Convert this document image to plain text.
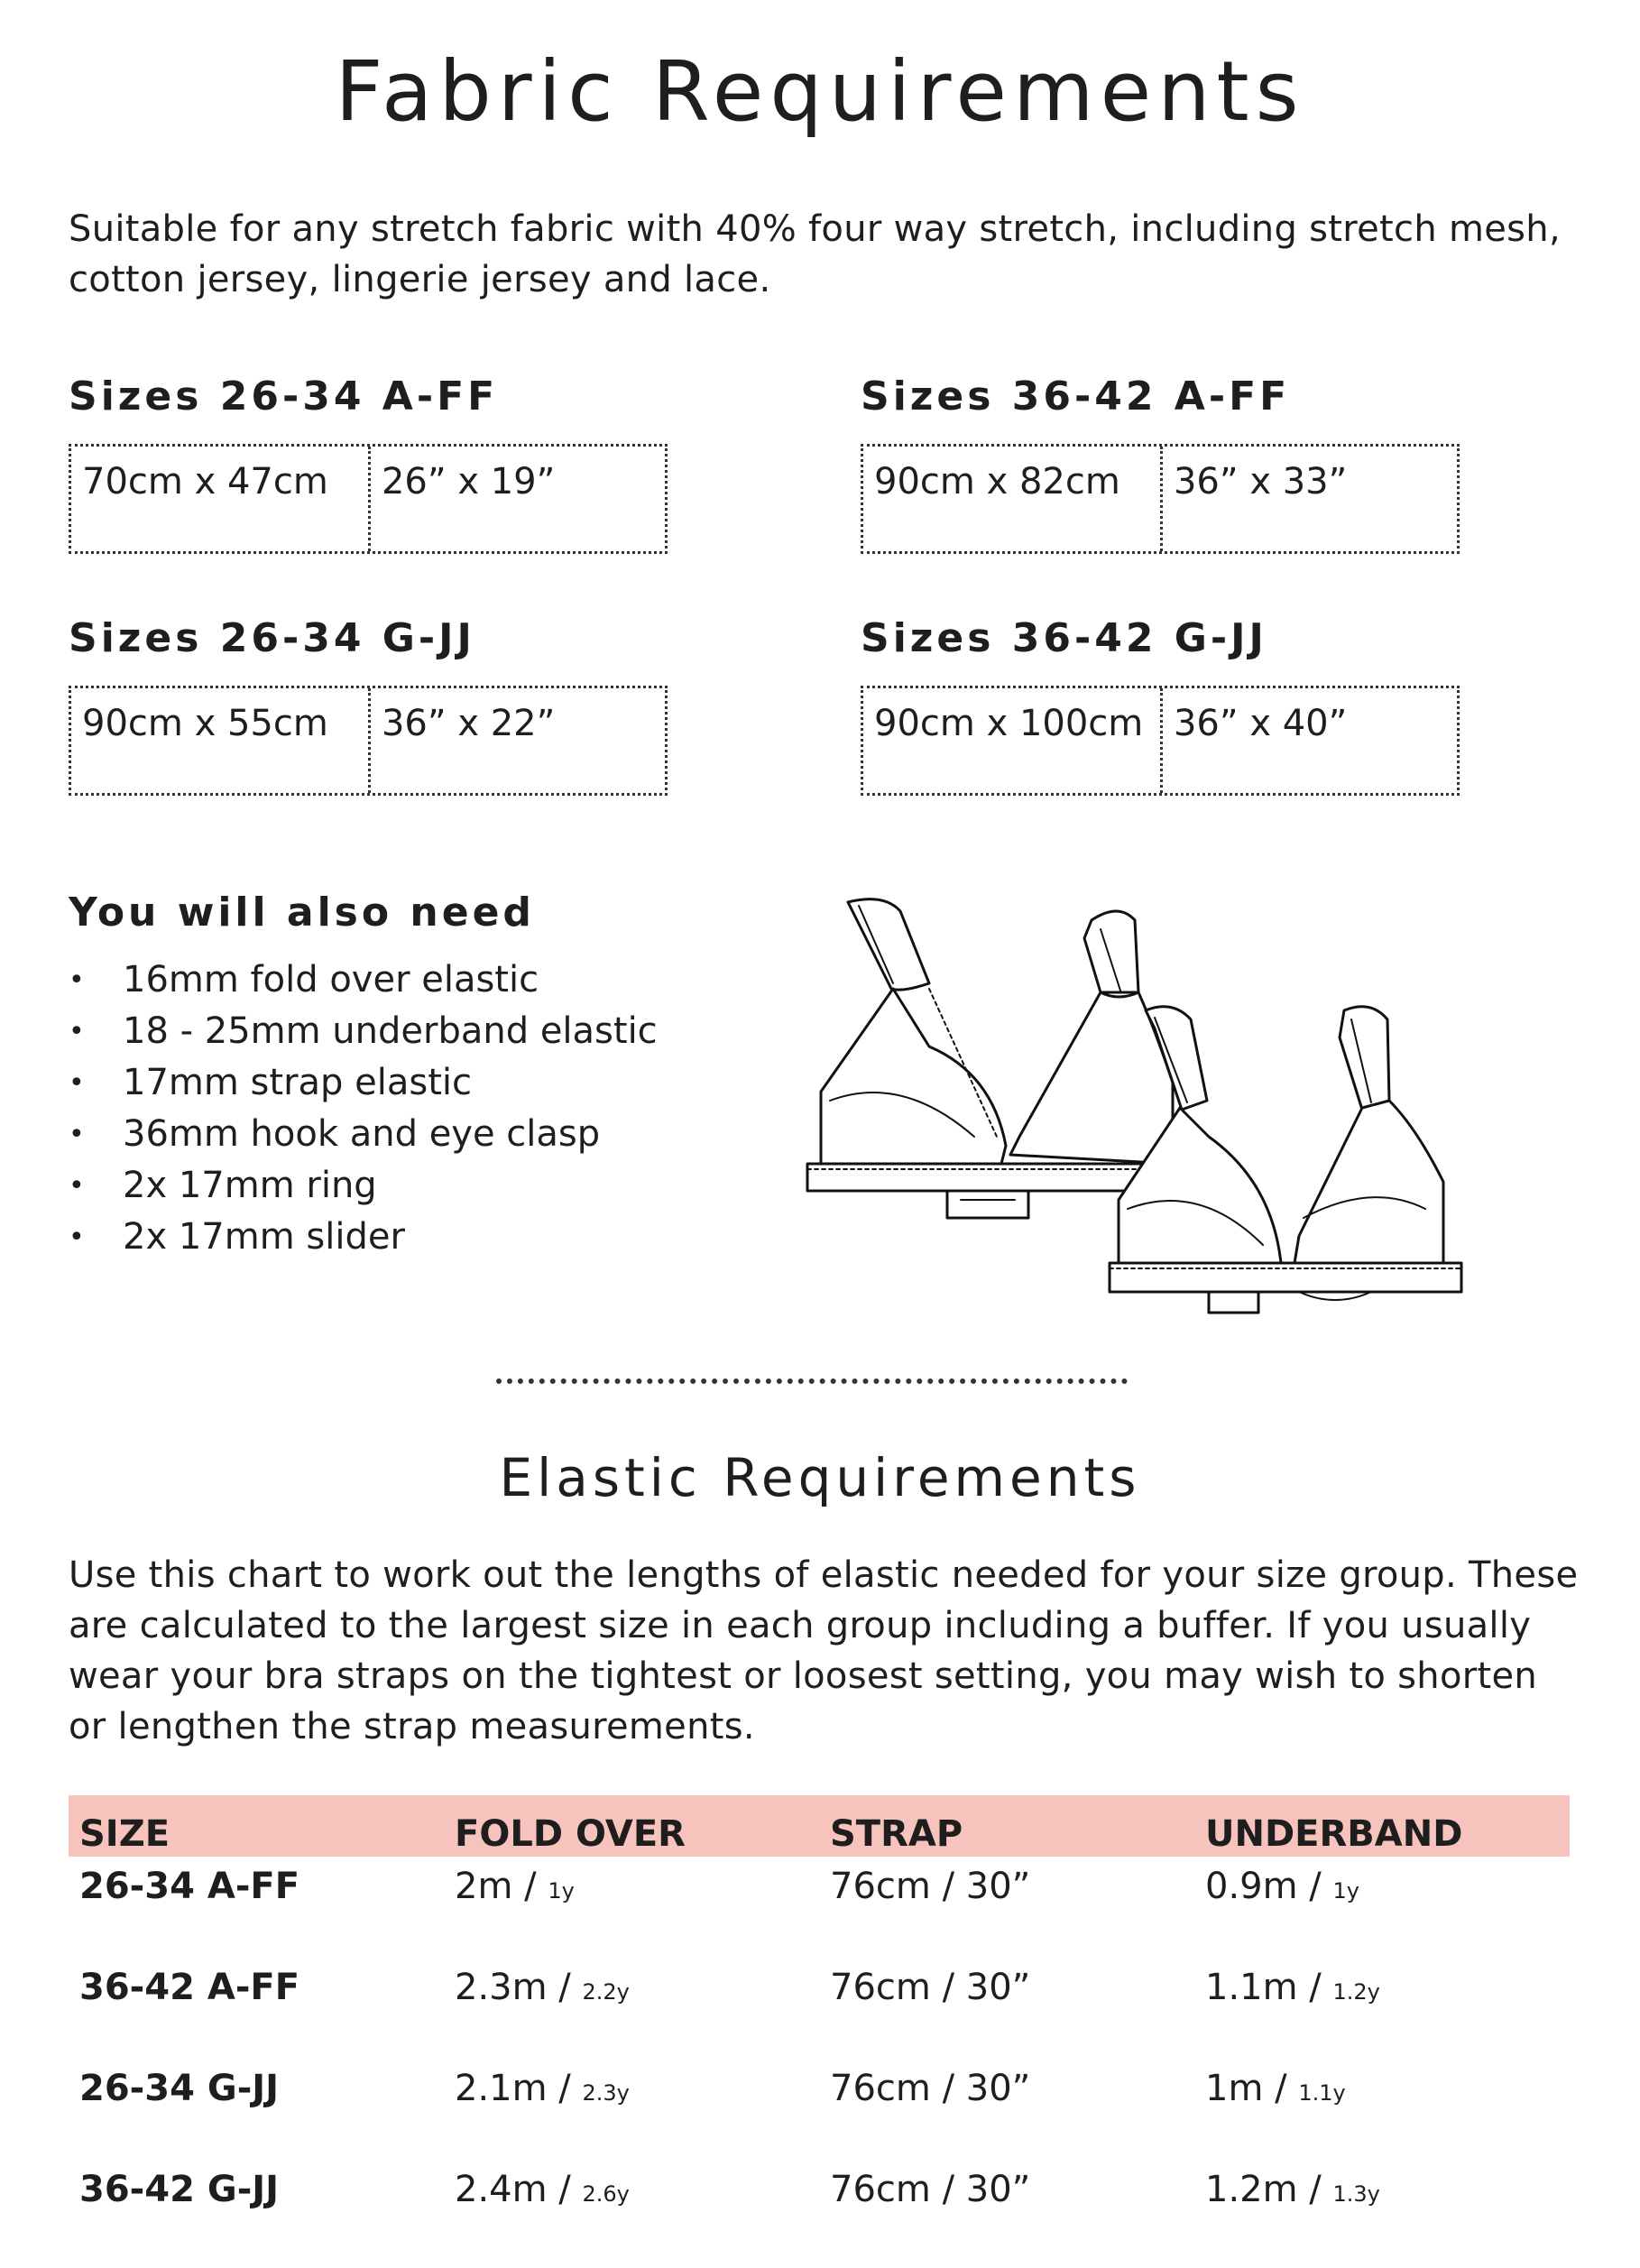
Fabric Requirements

Suitable for any stretch fabric with 40% four way stretch, including stretch mesh, cotton jersey, lingerie jersey and lace.

Sizes 26-34 A-FF
70cm x 47cm	26” x 19”
Sizes 36-42 A-FF
90cm x 82cm	36” x 33”
Sizes 26-34 G-JJ
90cm x 55cm	36” x 22”
Sizes 36-42 G-JJ
90cm x 100cm 36” x 40”
You will also need
•	16mm fold over elastic
•	18 - 25mm underband elastic
•	17mm strap elastic
•	36mm hook and eye clasp
•	2x 17mm ring
•	2x 17mm slider
Elastic Requirements

Use this chart to work out the lengths of elastic needed for your size group. These are calculated to the largest size in each group including a buffer. If you usually wear your bra straps on the tightest or loosest setting, you may wish to shorten or lengthen the strap measurements.

SIZE	FOLD OVER	STRAP	UNDERBAND
26-34 A-FF	2m / 1y	76cm / 30”	0.9m / 1y
36-42 A-FF	2.3m / 2.2y	76cm / 30”	1.1m / 1.2y
26-34 G-JJ	2.1m / 2.3y	76cm / 30”	1m / 1.1y
36-42 G-JJ	2.4m / 2.6y	76cm / 30”	1.2m / 1.3y
